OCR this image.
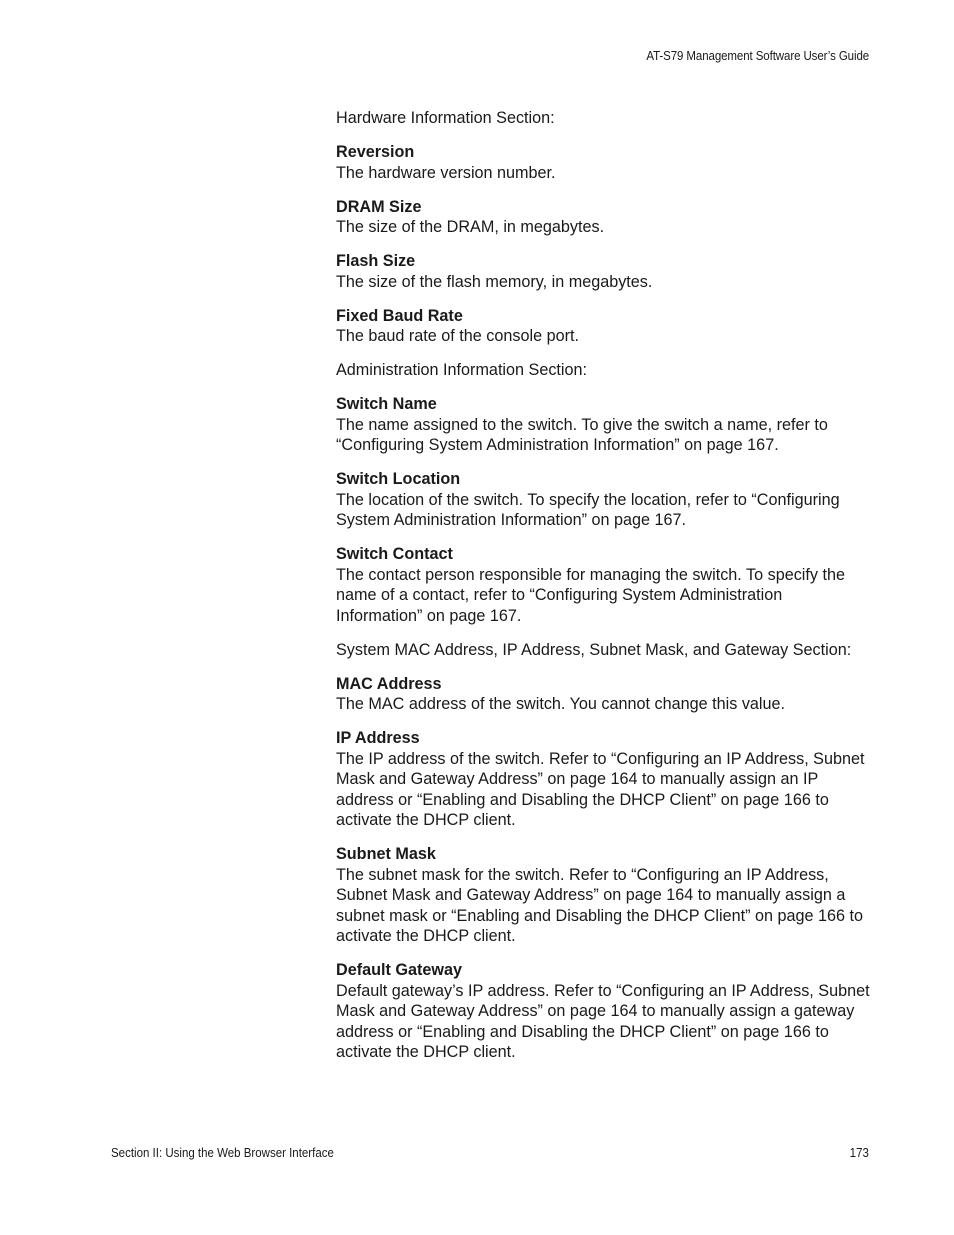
AT-S79 Management Software User’s Guide

Hardware Information Section:

Reversion
The hardware version number.
DRAM Size
The size of the DRAM, in megabytes.
Flash Size
The size of the flash memory, in megabytes.
Fixed Baud Rate
The baud rate of the console port.

Administration Information Section:

Switch Name
The name assigned to the switch. To give the switch a name, refer to “Configuring System Administration Information” on page 167.
Switch Location
The location of the switch. To specify the location, refer to “Configuring System Administration Information” on page 167.
Switch Contact
The contact person responsible for managing the switch. To specify the name of a contact, refer to “Configuring System Administration Information” on page 167.

System MAC Address, IP Address, Subnet Mask, and Gateway Section:

MAC Address
The MAC address of the switch. You cannot change this value.
IP Address
The IP address of the switch. Refer to “Configuring an IP Address, Subnet Mask and Gateway Address” on page 164 to manually assign an IP address or “Enabling and Disabling the DHCP Client” on page 166 to activate the DHCP client.
Subnet Mask
The subnet mask for the switch. Refer to “Configuring an IP Address, Subnet Mask and Gateway Address” on page 164 to manually assign a subnet mask or “Enabling and Disabling the DHCP Client” on page 166 to activate the DHCP client.
Default Gateway
Default gateway’s IP address. Refer to “Configuring an IP Address, Subnet Mask and Gateway Address” on page 164 to manually assign a gateway address or “Enabling and Disabling the DHCP Client” on page 166 to activate the DHCP client.
Section II: Using the Web Browser Interface	173
